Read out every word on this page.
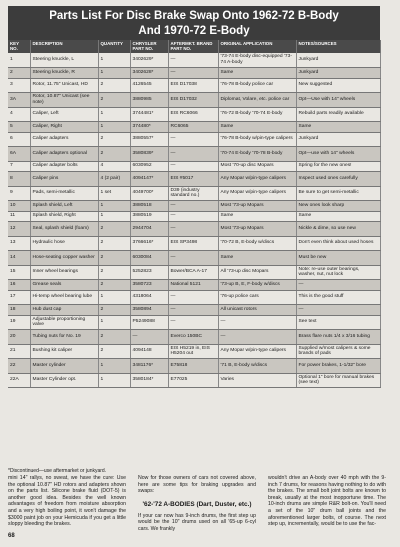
Parts List For Disc Brake Swap Onto 1962-72 B-Body
And 1970-72 E-Body
KEY NO.	DESCRIPTION	QUANTITY	CHRYSLER PART NO.	AFTERMKT. BRAND PART NO.	ORIGINAL APPLICATION	NOTES/SOURCES
1	Steering knuckle, L	1	3402629*	—	'73-74 E-body disc-equipped '73-74 A-body	Junkyard
2	Steering knuckle, R	1	3402628*	—	Same	Junkyard
3	Rotor, 11.75" Unicast, HD	2	4126545	EIS D17038	'76-78 B-body police car	New suggested
3A	Rotor, 10.87" Unicast (see note)	2	3880985	EIS D17032	Diplomat, Volare, etc. police car	Opt—Use with 14" wheels
4	Caliper, Left	1	3744481*	EIS RC6066	'76-72 B-body '70-74 E-body	Rebuild parts readily available
5	Caliper, Right	1	374480*	RC6065	Same	Same
6	Caliper adapters	2	3880557*	—	'76-78 B-body w/pin-type calipers	Junkyard
6A	Caliper adapters optional	2	3580839*	—	'70-74 E-body '70-78 B-body	Opt—use with 14" wheels
7	Caliper adapter bolts	4	6030952	—	Most '70-up disc Mopars	Spring for the new ones!
8	Caliper pins	4 (2 pair)	4094147*	EIS #5017	Any Mopar w/pin-type calipers	Inspect used ones carefully
9	Pads, semi-metallic	1 set	4049700*	D39 (industry standard no.)	Any Mopar w/pin-type calipers	Be sure to get semi-metallic
10	Splash shield, Left	1	3880518	—	Most '73-up Mopars	New ones look sharp
11	Splash shield, Right	1	3880519	—	Same	Same
12	Seal, splash shield (foam)	2	2944704	—	Most '73-up Mopars	Nickle & dime, so use new
13	Hydraulic hose	2	3766616*	EIS SP3498	'70-72 B, E-body w/discs	Don't even think about used hoses
14	Hose-seating copper washer	2	6030084	—	Same	Must be new
15	Inner wheel bearings	2	5252823	Bower/BCA A-17	All '73-up disc Mopars	Note: re-use outer bearings, washer, nut, nut lock
16	Grease seals	2	3580723	National 5121	'73-up B, E, F-body w/discs	—
17	Hi-temp wheel bearing lube	1	4318064	—	'76-up police cars	This is the good stuff
18	Hub dust cap	2	3580894	—	All unicast rotors	—
19	Adjustable proportioning valve	1	P5249088	—	—	See text
20	Tubing nuts for No. 19	2	—	Everco 150BC	—	Brass flare nuts 1/4 x 3/16 tubing
21	Bushing kit caliper	2	4094148	EIS H5219 in, EIS H5204 out	Any Mopar w/pin-type calipers	Supplied w/most calipers & some brands of pads
22	Master cylinder	1	3481176*	E75818	'71 B, E-body w/discs	For power brakes, 1-1/32" bore
22A	Master Cylinder opt.	1	3580184*	E77025	Varies	Optional 1" bore for manual brakes (see text)
*Discontinued—use aftermarket or junkyard.
mini 14" rallys, no sweat, we have the cure: Use the optional 10.87" HD rotors and adapters shown on the parts list. Silicone brake fluid (DOT-5) is another good idea. Besides the well known advantages of freedom from moisture absorption and a very high boiling point, it won't damage the $3000 paint job on your Hemicuda if you get a little sloppy bleeding the brakes.
Now for those owners of cars not covered above, here are some tips for braking upgrades and swaps:
'62-'72 A-BODIES (Dart, Duster, etc.)
If your car now has 9-inch drums, the first step up would be the 10" drums used on all '65-up 6-cyl cars. We frankly
wouldn't drive an A-body over 40 mph with the 9-inch 7 drums, for reasons having nothing to do with the brakes. The small bolt joint bolts are known to break, usually at the most inopportune time. The 10-inch drums are simple R&R bolt-on. You'll need a set of the 10" drum ball joints and the aforementioned larger bolts, of course. The next step up, incrementally, would be to use the fac-
68
